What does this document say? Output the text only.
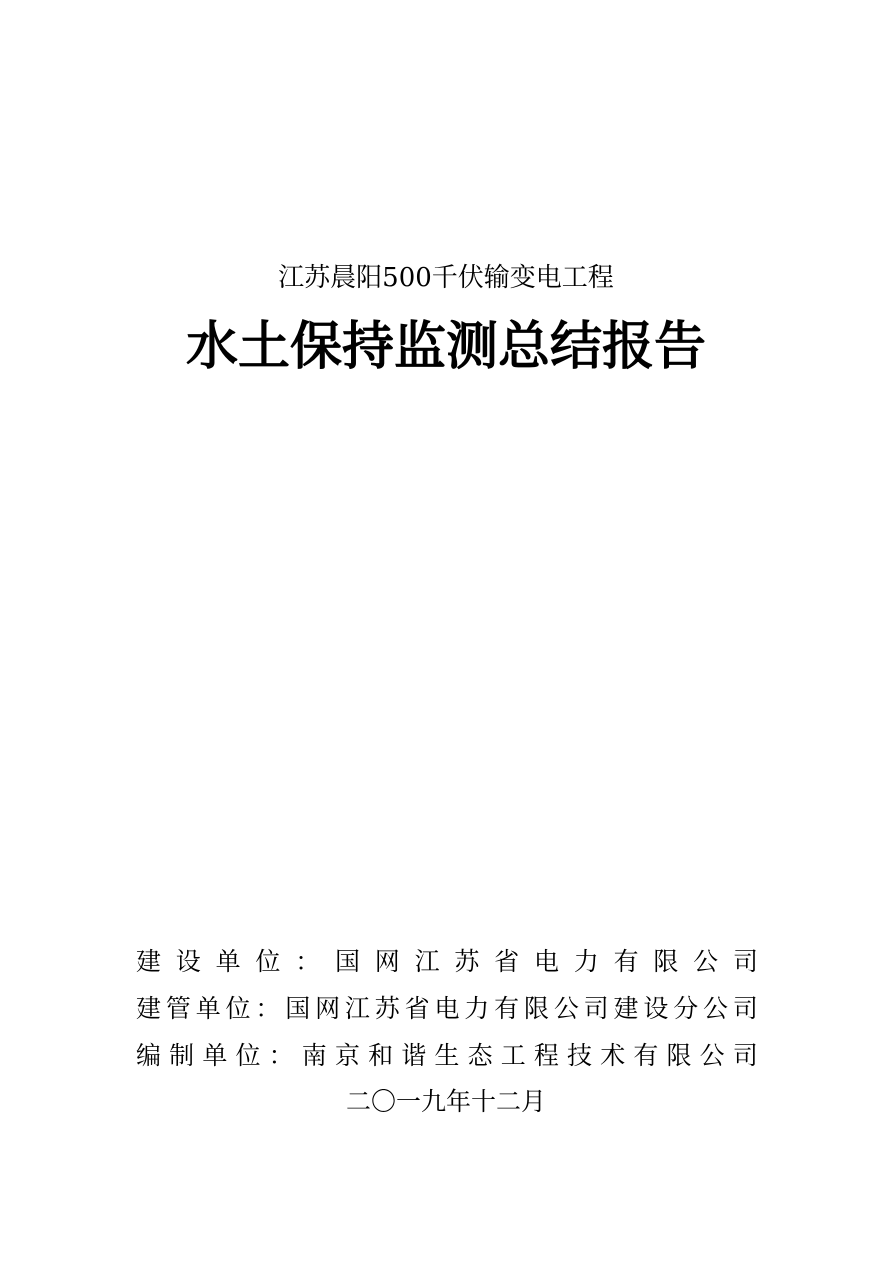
江苏晨阳500千伏输变电工程
水土保持监测总结报告
建 设 单 位 ： 国 网 江 苏 省 电 力 有 限 公 司
建 管 单 位 ： 国 网 江 苏 省 电 力 有 限 公 司 建 设 分 公 司
编 制 单 位 ： 南 京 和 谐 生 态 工 程 技 术 有 限 公 司
二〇一九年十二月
